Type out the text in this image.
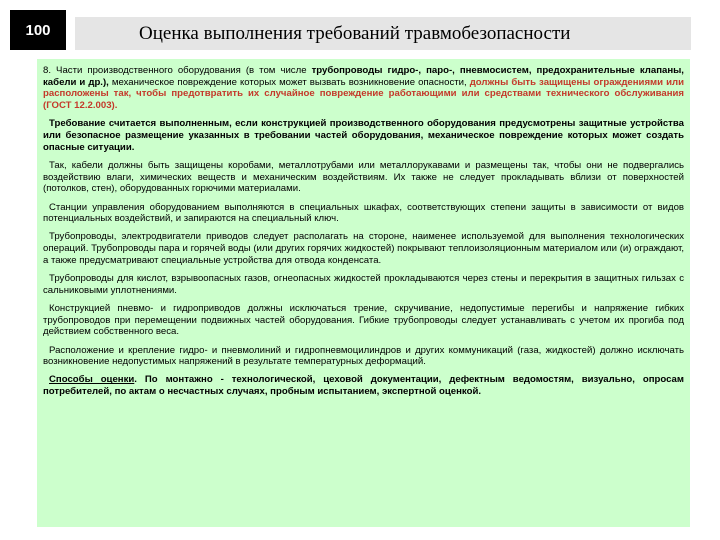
100	Оценка выполнения требований травмобезопасности

8. Части производственного оборудования (в том числе трубопроводы гидро-, паро-, пневмосистем, предохранительные клапаны, кабели и др.), механическое повреждение которых может вызвать возникновение опасности, должны быть защищены ограждениями или расположены так, чтобы предотвратить их случайное повреждение работающими или средствами технического обслуживания (ГОСТ 12.2.003).

Требование считается выполненным, если конструкцией производственного оборудования предусмотрены защитные устройства или безопасное размещение указанных в требовании частей оборудования, механическое повреждение которых может создать опасные ситуации.

Так, кабели должны быть защищены коробами, металлотрубами или металлорукавами и размещены так, чтобы они не подвергались воздействию влаги, химических веществ и механическим воздействиям. Их также не следует прокладывать вблизи от поверхностей (потолков, стен), оборудованных горючими материалами.

Станции управления оборудованием выполняются в специальных шкафах, соответствующих степени защиты в зависимости от видов потенциальных воздействий, и запираются на специальный ключ.

Трубопроводы, электродвигатели приводов следует располагать на стороне, наименее используемой для выполнения технологических операций. Трубопроводы пара и горячей воды (или других горячих жидкостей) покрывают теплоизоляционным материалом или (и) ограждают, а также предусматривают специальные устройства для отвода конденсата.

Трубопроводы для кислот, взрывоопасных газов, огнеопасных жидкостей прокладываются через стены и перекрытия в защитных гильзах с сальниковыми уплотнениями.

Конструкцией пневмо- и гидроприводов должны исключаться трение, скручивание, недопустимые перегибы и напряжение гибких трубопроводов при перемещении подвижных частей оборудования. Гибкие трубопроводы следует устанавливать с учетом их прогиба под действием собственного веса.

Расположение и крепление гидро- и пневмолиний и гидропневмоцилиндров и других коммуникаций (газа, жидкостей) должно исключать возникновение недопустимых напряжений в результате температурных деформаций.

Способы оценки. По монтажно - технологической, цеховой документации, дефектным ведомостям, визуально, опросам потребителей, по актам о несчастных случаях, пробным испытанием, экспертной оценкой.
